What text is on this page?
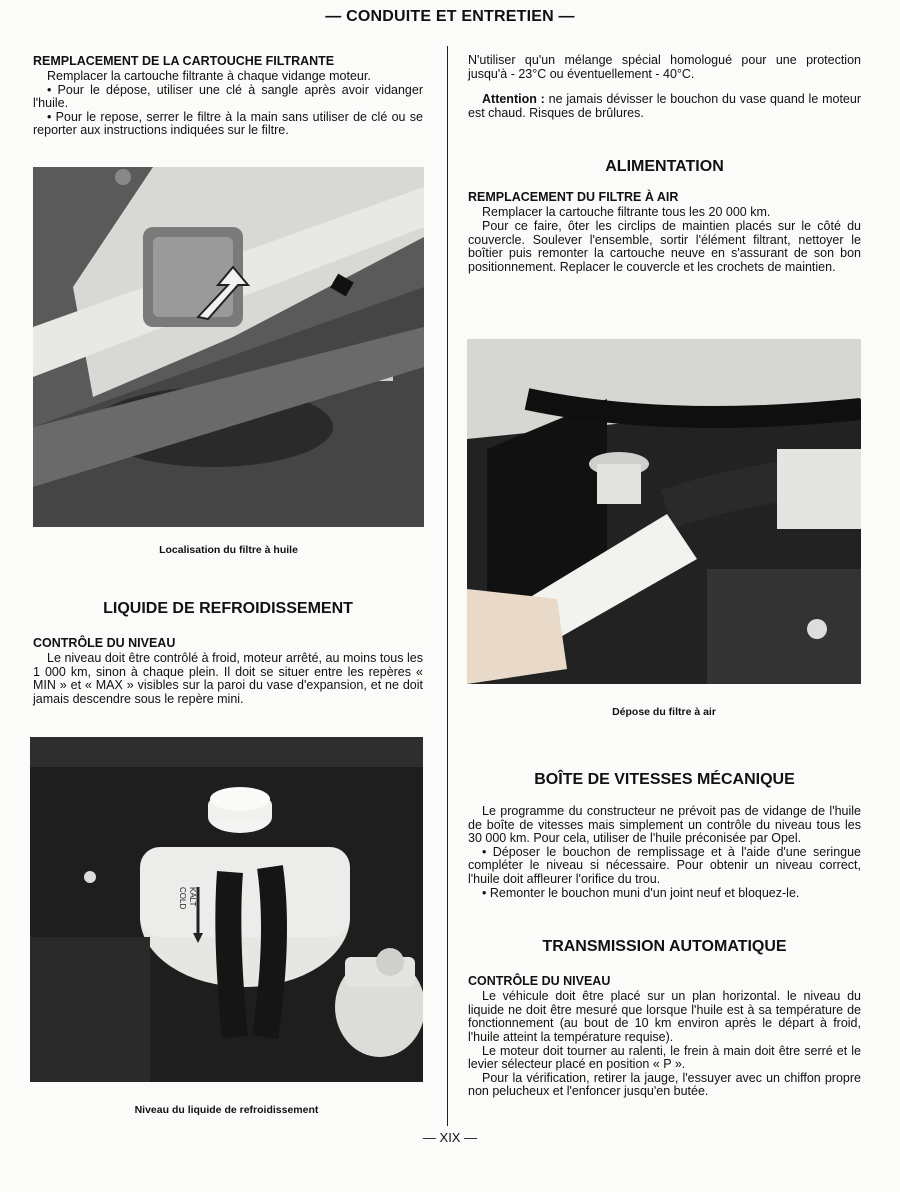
— CONDUITE ET ENTRETIEN —
REMPLACEMENT DE LA CARTOUCHE FILTRANTE

Remplacer la cartouche filtrante à chaque vidange moteur.

• Pour le dépose, utiliser une clé à sangle après avoir vidanger l'huile.

• Pour le repose, serrer le filtre à la main sans utiliser de clé ou se reporter aux instructions indiquées sur le filtre.

Localisation du filtre à huile
LIQUIDE DE REFROIDISSEMENT
CONTRÔLE DU NIVEAU

Le niveau doit être contrôlé à froid, moteur arrêté, au moins tous les 1 000 km, sinon à chaque plein. Il doit se situer entre les repères « MIN » et « MAX » visibles sur la paroi du vase d'expansion, et ne doit jamais descendre sous le repère mini.

KALT
COLD
Niveau du liquide de refroidissement

N'utiliser qu'un mélange spécial homologué pour une protection jusqu'à - 23°C ou éventuellement - 40°C.

Attention : ne jamais dévisser le bouchon du vase quand le moteur est chaud. Risques de brûlures.

ALIMENTATION
REMPLACEMENT DU FILTRE À AIR

Remplacer la cartouche filtrante tous les 20 000 km.

Pour ce faire, ôter les circlips de maintien placés sur le côté du couvercle. Soulever l'ensemble, sortir l'élément filtrant, nettoyer le boîtier puis remonter la cartouche neuve en s'assurant de son bon positionnement. Replacer le couvercle et les crochets de maintien.

Dépose du filtre à air
BOÎTE DE VITESSES MÉCANIQUE

Le programme du constructeur ne prévoit pas de vidange de l'huile de boîte de vitesses mais simplement un contrôle du niveau tous les 30 000 km. Pour cela, utiliser de l'huile préconisée par Opel.

• Déposer le bouchon de remplissage et à l'aide d'une seringue compléter le niveau si nécessaire. Pour obtenir un niveau correct, l'huile doit affleurer l'orifice du trou.

• Remonter le bouchon muni d'un joint neuf et bloquez-le.

TRANSMISSION AUTOMATIQUE
CONTRÔLE DU NIVEAU

Le véhicule doit être placé sur un plan horizontal. le niveau du liquide ne doit être mesuré que lorsque l'huile est à sa température de fonctionnement (au bout de 10 km environ après le départ à froid, l'huile atteint la température requise).

Le moteur doit tourner au ralenti, le frein à main doit être serré et le levier sélecteur placé en position « P ».

Pour la vérification, retirer la jauge, l'essuyer avec un chiffon propre non pelucheux et l'enfoncer jusqu'en butée.

— XIX —
